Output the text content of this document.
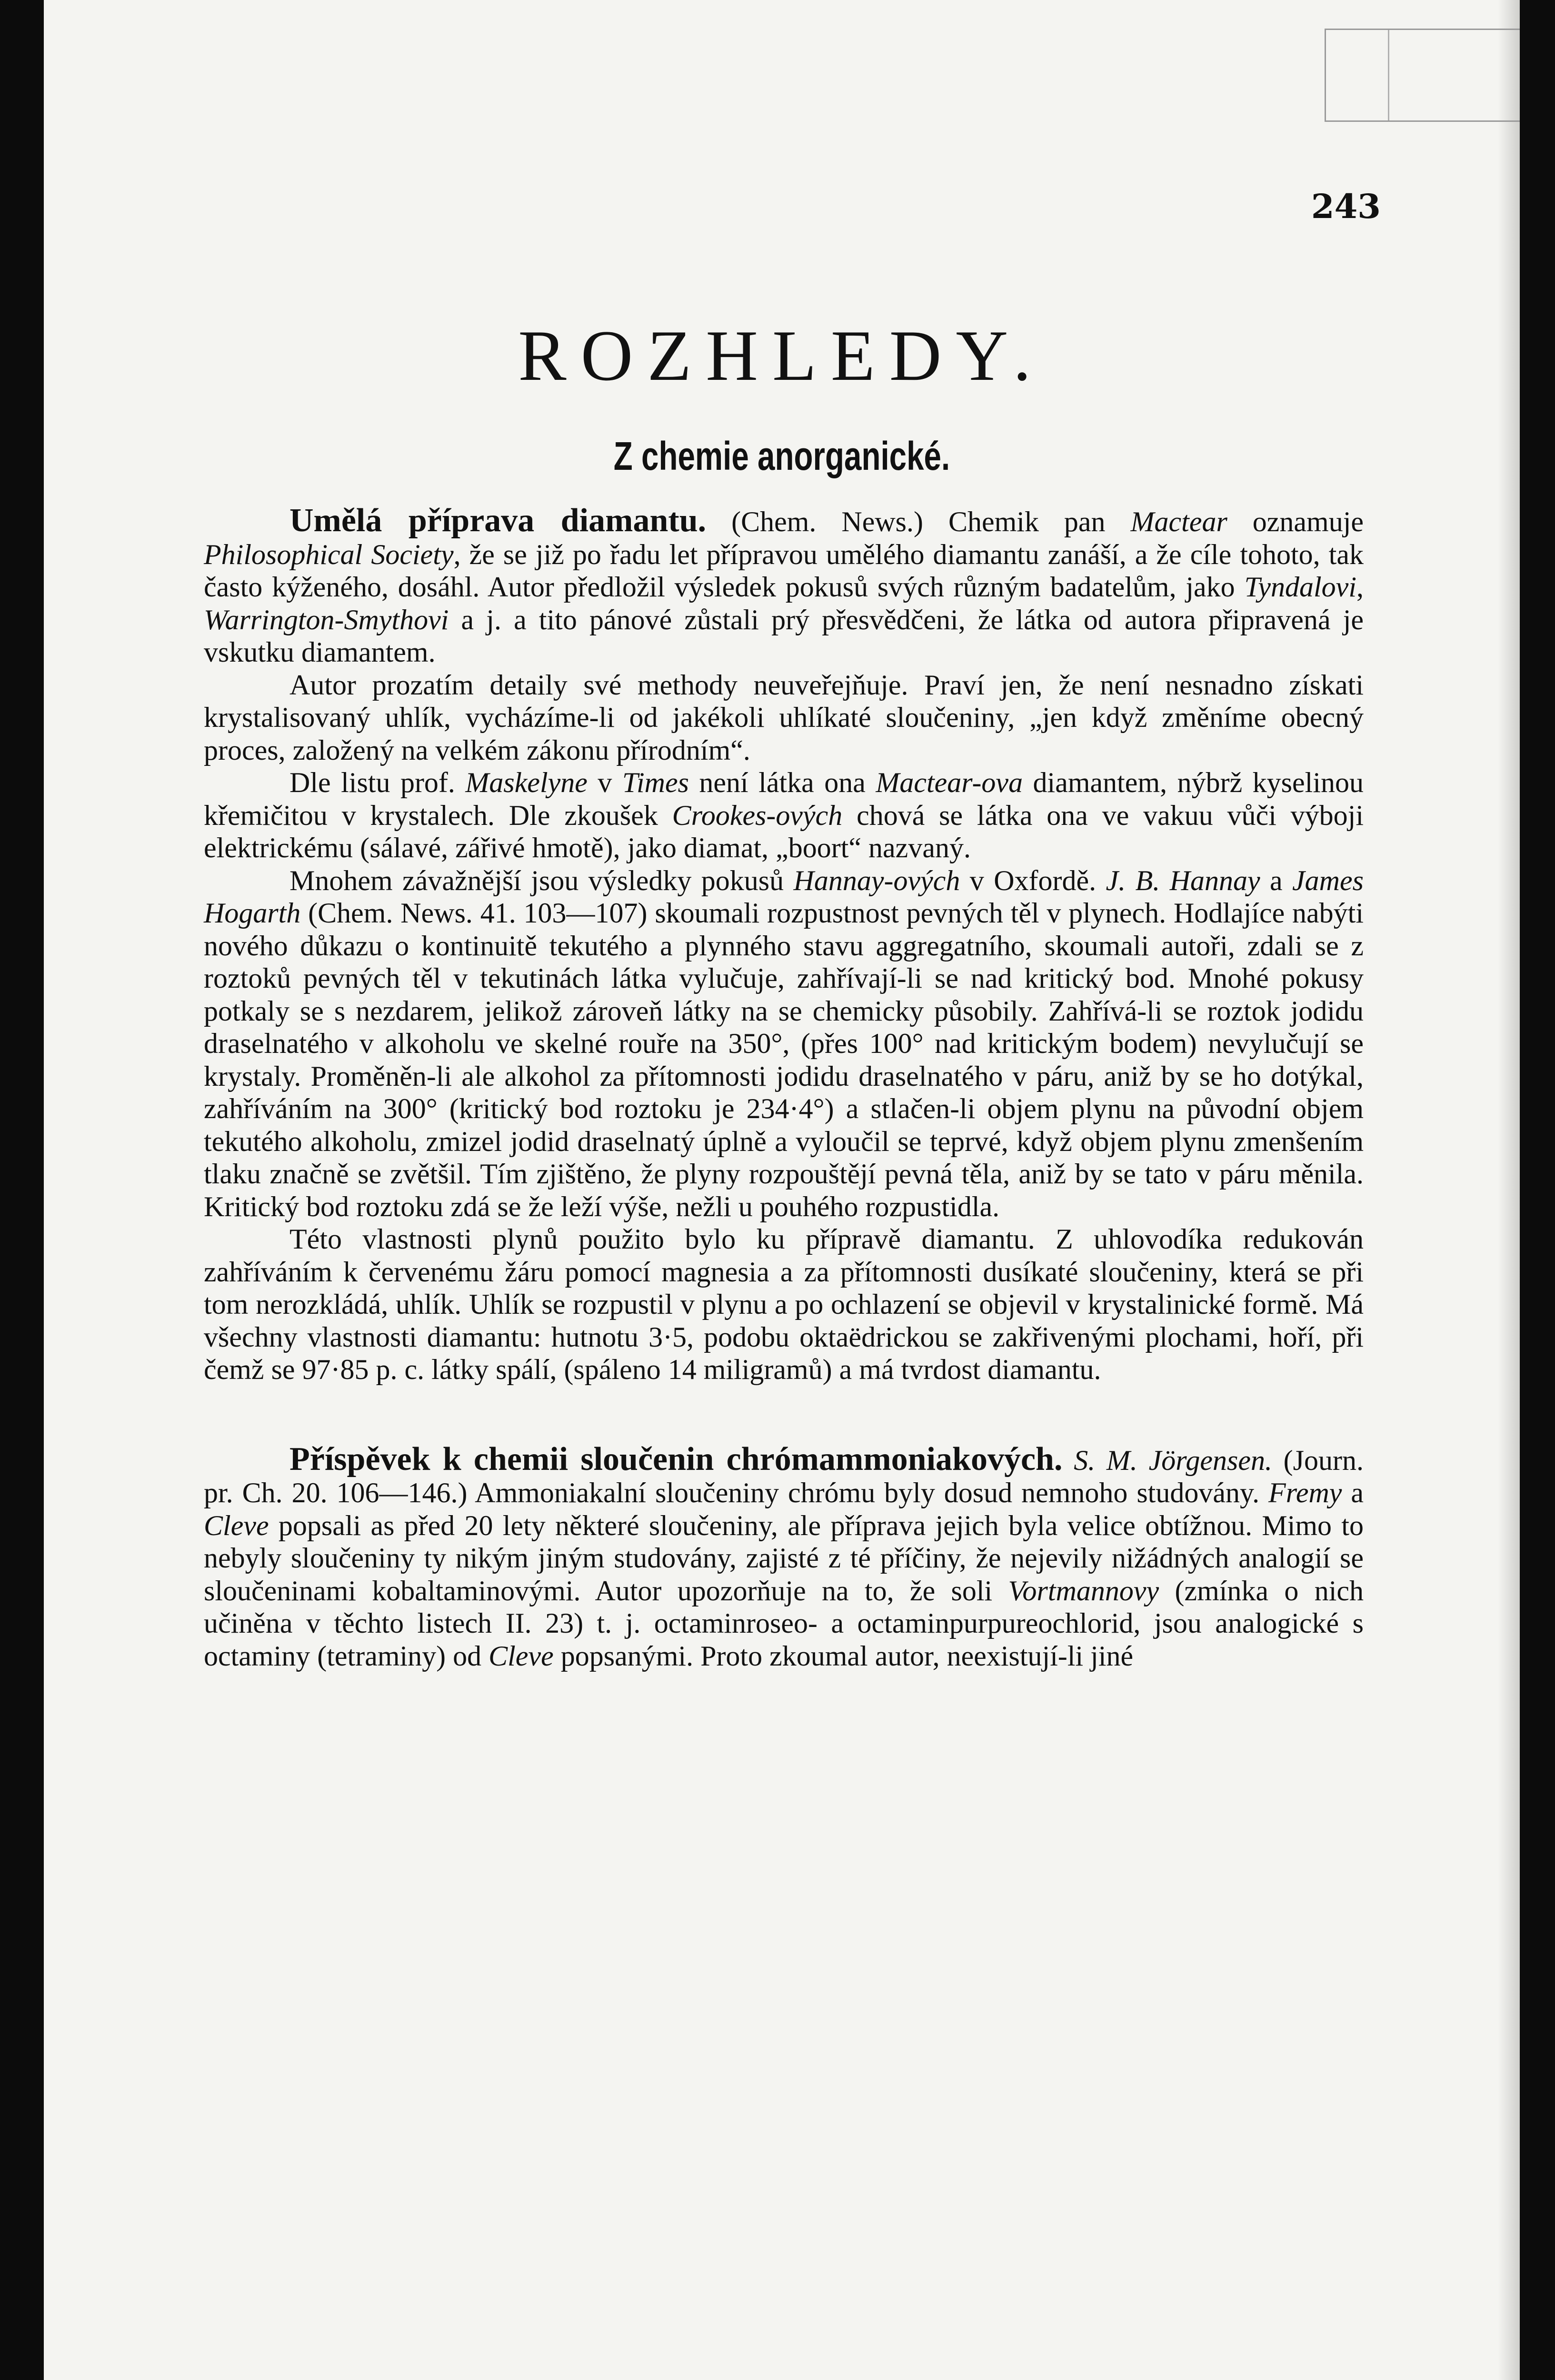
243
ROZHLEDY.
Z chemie anorganické.

Umělá příprava diamantu. (Chem. News.) Chemik pan Mactear oznamuje Philosophical Society, že se již po řadu let přípravou umělého diamantu zanáší, a že cíle tohoto, tak často kýženého, dosáhl. Autor předložil výsledek pokusů svých různým badatelům, jako Tyndalovi, Warrington-Smythovi a j. a tito pánové zůstali prý přesvědčeni, že látka od autora připravená je vskutku diamantem.

Autor prozatím detaily své methody neuveřejňuje. Praví jen, že není nesnadno získati krystalisovaný uhlík, vycházíme-li od jakékoli uhlíkaté sloučeniny, „jen když změníme obecný proces, založený na velkém zákonu přírodním“.

Dle listu prof. Maskelyne v Times není látka ona Mactear-ova diamantem, nýbrž kyselinou křemičitou v krystalech. Dle zkoušek Crookes-ových chová se látka ona ve vakuu vůči výboji elektrickému (sálavé, zářivé hmotě), jako diamat, „boort“ nazvaný.

Mnohem závažnější jsou výsledky pokusů Hannay-ových v Oxfordě. J. B. Hannay a James Hogarth (Chem. News. 41. 103—107) skoumali rozpustnost pevných těl v plynech. Hodlajíce nabýti nového důkazu o kontinuitě tekutého a plynného stavu aggregatního, skoumali autoři, zdali se z roztoků pevných těl v tekutinách látka vylučuje, zahřívají-li se nad kritický bod. Mnohé pokusy potkaly se s nezdarem, jelikož zároveň látky na se chemicky působily. Zahřívá-li se roztok jodidu draselnatého v alkoholu ve skelné rouře na 350°, (přes 100° nad kritickým bodem) nevylučují se krystaly. Proměněn-li ale alkohol za přítomnosti jodidu draselnatého v páru, aniž by se ho dotýkal, zahříváním na 300° (kritický bod roztoku je 234·4°) a stlačen-li objem plynu na původní objem tekutého alkoholu, zmizel jodid draselnatý úplně a vyloučil se teprvé, když objem plynu zmenšením tlaku značně se zvětšil. Tím zjištěno, že plyny rozpouštějí pevná těla, aniž by se tato v páru měnila. Kritický bod roztoku zdá se že leží výše, nežli u pouhého rozpustidla.

Této vlastnosti plynů použito bylo ku přípravě diamantu. Z uhlovodíka redukován zahříváním k červenému žáru pomocí magnesia a za přítomnosti dusíkaté sloučeniny, která se při tom nerozkládá, uhlík. Uhlík se rozpustil v plynu a po ochlazení se objevil v krystalinické formě. Má všechny vlastnosti diamantu: hutnotu 3·5, podobu oktaëdrickou se zakřivenými plochami, hoří, při čemž se 97·85 p. c. látky spálí, (spáleno 14 miligramů) a má tvrdost diamantu.

Příspěvek k chemii sloučenin chrómammoniakových. S. M. Jörgensen. (Journ. pr. Ch. 20. 106—146.) Ammoniakalní sloučeniny chrómu byly dosud nemnoho studovány. Fremy a Cleve popsali as před 20 lety některé sloučeniny, ale příprava jejich byla velice obtížnou. Mimo to nebyly sloučeniny ty nikým jiným studovány, zajisté z té příčiny, že nejevily nižádných analogií se sloučeninami kobaltaminovými. Autor upozorňuje na to, že soli Vortmannovy (zmínka o nich učiněna v těchto listech II. 23) t. j. octaminroseo- a octaminpurpureochlorid, jsou analogické s octaminy (tetraminy) od Cleve popsanými. Proto zkoumal autor, neexistují-li jiné
